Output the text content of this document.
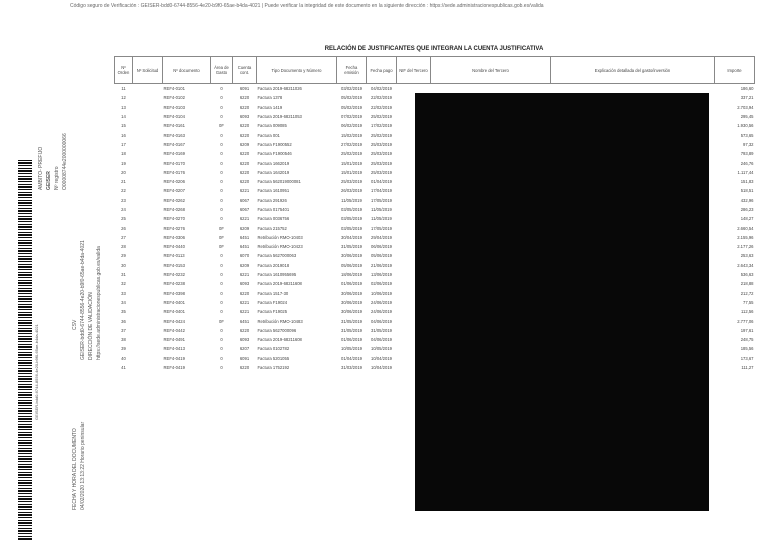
Código seguro de Verificación : GEISER-bdd0-6744-8556-4e20-b9f0-65ae-b4da-4021 | Puede verificar la integridad de este documento en la siguiente dirección : https://sede.administracionespublicas.gob.es/valida
AMBITO- PREFIJO GEISER Nº registro O00008744e2000000066
CSV GEISER-bdd0-6744-8556-4e20-b9f0-65ae-b4da-4021 DIRECCIÓN DE VALIDACIÓN https://sede.administracionespublicas.gob.es/valida
FECHA Y HORA DEL DOCUMENTO 04/02/2020 13:13:22 Horario peninsular
GEISER-bdd0-6744-8556-4e20-b9f0-65ae-b4da-4021
RELACIÓN DE JUSTIFICANTES QUE INTEGRAN LA CUENTA JUSTIFICATIVA
Nº Orden	Nº Solicitud	Nº documento	Área de Gasto	Cuenta cont.	Tipo Documento y Número	Fecha emisión	Fecha pago	NIF del Tercero	Nombre del Tercero	Explicación detallada del gasto/inversión	Importe
11		REF4-0101	0	6091	Factura 2019-68211026	03/02/2019	04/02/2019				186,60
12		REF4-0102	0	6220	Factura 1378	05/02/2019	22/02/2019				337,21
13		REF4-0103	0	6220	Factura 1419	05/02/2019	22/02/2019				2.703,94
14		REF4-0104	0	6093	Factura 2019-68211053	07/02/2019	25/02/2019				295,45
15		REF4-0161	0F	6220	Factura 009085	06/02/2019	17/02/2019				1.930,56
16		REF4-0163	0	6220	Factura 001	15/02/2019	25/02/2019				573,65
17		REF4-0167	0	6209	Factura F1900552	27/02/2019	25/03/2019				97,32
18		REF4-0169	0	6220	Factura F1900546	25/02/2019	25/03/2019				793,89
19		REF4-0170	0	6220	Factura 1662019	15/01/2019	25/03/2019				246,76
20		REF4-0176	0	6220	Factura 1642019	15/01/2019	25/03/2019				1.117,44
21		REF4-0206	0	6220	Factura 562019000081	25/03/2019	01/04/2019				151,83
22		REF4-0207	0	6221	Factura 1610951	26/03/2019	17/04/2019				518,51
23		REF4-0262	0	6067	Factura 291926	11/05/2019	17/05/2019				432,96
24		REF4-0268	0	6067	Factura 0175401	03/05/2019	11/05/2019				286,23
25		REF4-0270	0	6221	Factura 0036756	03/05/2019	11/05/2019				148,27
26		REF4-0276	0F	6209	Factura 215752	03/05/2019	17/05/2019				2.660,54
27		REF4-0306	0F	6451	Retribución RMO-10403	30/04/2019	29/04/2019				2.155,96
28		REF4-0440	0F	6451	Retribución RMO-10423	31/05/2019	06/06/2019				2.177,26
29		REF4-0113	0	6070	Factura 5627000063	30/06/2019	05/06/2019				253,63
30		REF4-0153	0	6209	Factura 2019018	05/06/2019	21/06/2019				2.643,34
31		REF4-0232	0	6221	Factura 1610955695	18/06/2019	13/06/2019				536,63
32		REF4-0238	0	6093	Factura 2019-68211608	01/06/2019	02/06/2019				218,88
33		REF4-0398	0	6220	Factura 1517-30	30/06/2019	10/06/2019				212,72
34		REF4-0401	0	6221	Factura F19024	30/06/2019	24/06/2019				77,55
35		REF4-0401	0	6221	Factura F19025	30/06/2019	24/06/2019				112,56
36		REF4-0424	0F	6451	Retribución RMO-10483	31/05/2019	04/06/2019				2.777,06
37		REF4-0442	0	6220	Factura 5627000096	31/05/2019	31/05/2019				197,61
38		REF4-0491	0	6093	Factura 2019-68211608	01/06/2019	04/06/2019				248,75
39		REF4-0413	0	6207	Factura 0102782	10/05/2019	10/05/2019				185,56
40		REF4-0419	0	6091	Factura 5201055	01/04/2019	10/04/2019				173,67
41		REF4-0419	0	6220	Factura 1752192	31/03/2019	10/04/2019				111,27
